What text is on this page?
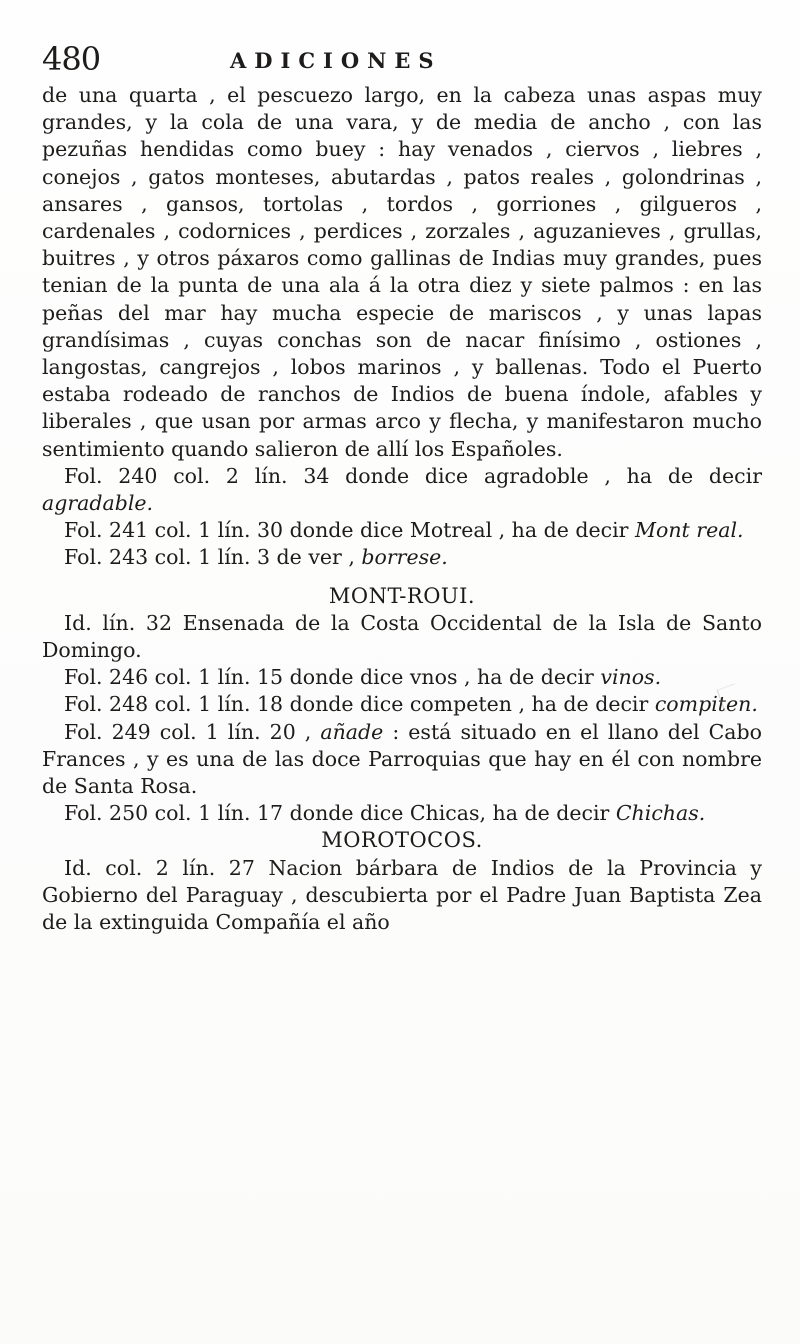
480	ADICIONES

de una quarta , el pescuezo largo, en la cabeza unas aspas muy grandes, y la cola de una vara, y de media de ancho , con las pezuñas hendidas como buey : hay venados , ciervos , liebres , conejos , gatos monteses, abutardas , patos reales , golondrinas , ansares , gansos, tortolas , tordos , gorriones , gilgueros , cardenales , codornices , perdices , zorzales , aguzanieves , grullas, buitres , y otros páxaros como gallinas de Indias muy grandes, pues tenian de la punta de una ala á la otra diez y siete palmos : en las peñas del mar hay mucha especie de mariscos , y unas lapas grandísimas , cuyas conchas son de nacar finísimo , ostiones , langostas, cangrejos , lobos marinos , y ballenas. Todo el Puerto estaba rodeado de ranchos de Indios de buena índole, afables y liberales , que usan por armas arco y flecha, y manifestaron mucho sentimiento quando salieron de allí los Españoles.

Fol. 240 col. 2 lín. 34 donde dice agradoble , ha de decir agradable.

Fol. 241 col. 1 lín. 30 donde dice Motreal , ha de decir Mont real.

Fol. 243 col. 1 lín. 3 de ver , borrese.

MONT-ROUI.

Id. lín. 32 Ensenada de la Costa Occidental de la Isla de Santo Domingo.

Fol. 246 col. 1 lín. 15 donde dice vnos , ha de decir vinos.

Fol. 248 col. 1 lín. 18 donde dice competen , ha de decir compiten.

Fol. 249 col. 1 lín. 20 , añade : está situado en el llano del Cabo Frances , y es una de las doce Parroquias que hay en él con nombre de Santa Rosa.

Fol. 250 col. 1 lín. 17 donde dice Chicas, ha de decir Chichas.

MOROTOCOS.

Id. col. 2 lín. 27 Nacion bárbara de Indios de la Provincia y Gobierno del Paraguay , descubierta por el Padre Juan Baptista Zea de la extinguida Compañía el año
